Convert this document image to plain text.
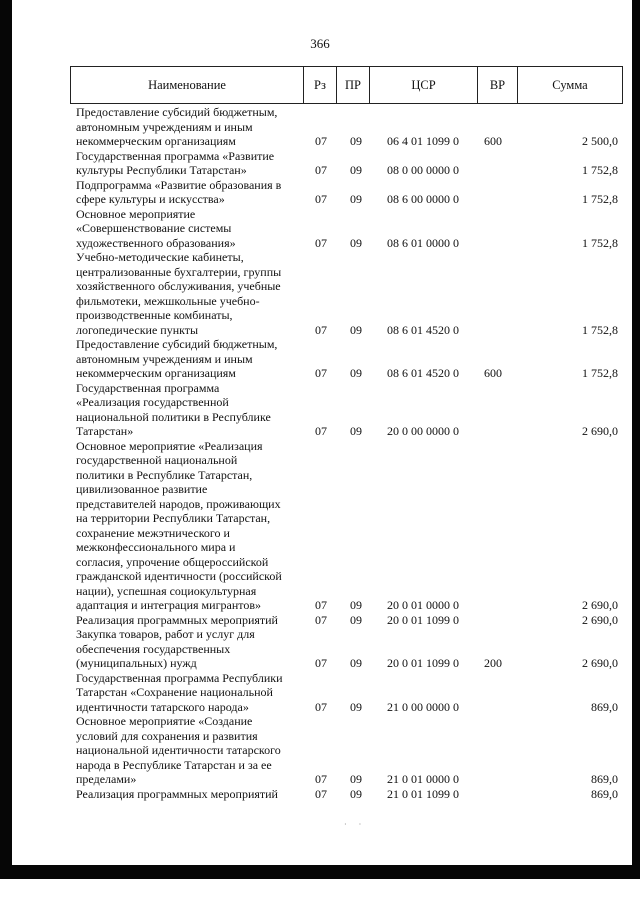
366
Наименование	Рз	ПР	ЦСР	ВР	Сумма
Предоставление субсидий бюджетным,
автономным учреждениям и иным
некоммерческим организациям	07 09 06 4 01 1099 0 600	2 500,0
Государственная программа «Развитие
культуры Республики Татарстан»	07 09 08 0 00 0000 0	1 752,8
Подпрограмма «Развитие образования в
сфере культуры и искусства»	07 09 08 6 00 0000 0	1 752,8
Основное мероприятие
«Совершенствование системы
художественного образования»	07 09 08 6 01 0000 0	1 752,8
Учебно-методические кабинеты,
централизованные бухгалтерии, группы
хозяйственного обслуживания, учебные
фильмотеки, межшкольные учебно-
производственные комбинаты,
логопедические пункты	07 09 08 6 01 4520 0	1 752,8
Предоставление субсидий бюджетным,
автономным учреждениям и иным
некоммерческим организациям	07 09 08 6 01 4520 0 600	1 752,8
Государственная программа
«Реализация государственной
национальной политики в Республике
Татарстан»	07 09 20 0 00 0000 0	2 690,0
Основное мероприятие «Реализация
государственной национальной
политики в Республике Татарстан,
цивилизованное развитие
представителей народов, проживающих
на территории Республики Татарстан,
сохранение межэтнического и
межконфессионального мира и
согласия, упрочение общероссийской
гражданской идентичности (российской
нации), успешная социокультурная
адаптация и интеграция мигрантов»	07 09 20 0 01 0000 0	2 690,0
Реализация программных мероприятий	07 09 20 0 01 1099 0	2 690,0
Закупка товаров, работ и услуг для
обеспечения государственных
(муниципальных) нужд	07 09 20 0 01 1099 0 200	2 690,0
Государственная программа Республики
Татарстан «Сохранение национальной
идентичности татарского народа»	07 09 21 0 00 0000 0	869,0
Основное мероприятие «Создание
условий для сохранения и развития
национальной идентичности татарского
народа в Республике Татарстан и за ее
пределами»	07 09 21 0 01 0000 0	869,0
Реализация программных мероприятий	07 09 21 0 01 1099 0	869,0
·      ·
